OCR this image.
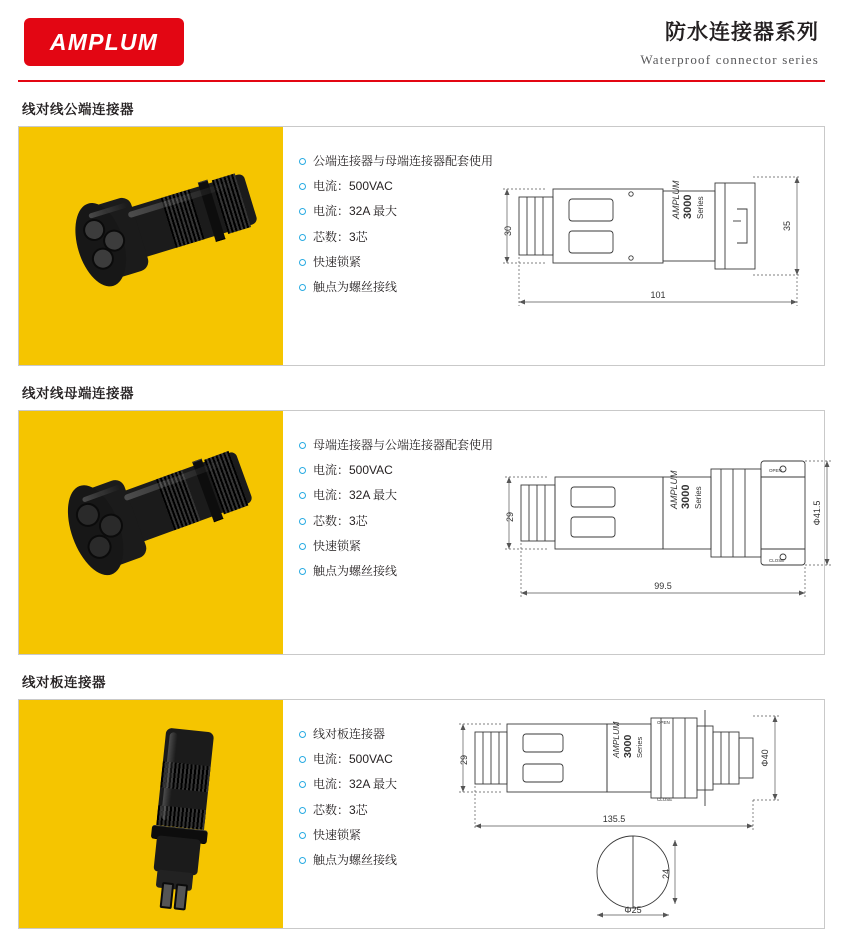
AMPLUM	防水连接器系列
Waterproof connector series
线对线公端连接器
公端连接器与母端连接器配套使用
电流：500VAC
电流：32A 最大
芯数：3芯
快速锁紧
触点为螺丝接线
AMPLUM 3000 Series
30	35
101
线对线母端连接器
母端连接器与公端连接器配套使用
电流：500VAC
电流：32A 最大
芯数：3芯
快速锁紧
触点为螺丝接线
AMPLUM 3000 Series
OPEN
CLOSE
29	Φ41.5
99.5
线对板连接器
线对板连接器
电流：500VAC
电流：32A 最大
芯数：3芯
快速锁紧
触点为螺丝接线
AMPLUM 3000 Series
OPEN
CLOSE
29	Φ40
135.5
24
Φ25
